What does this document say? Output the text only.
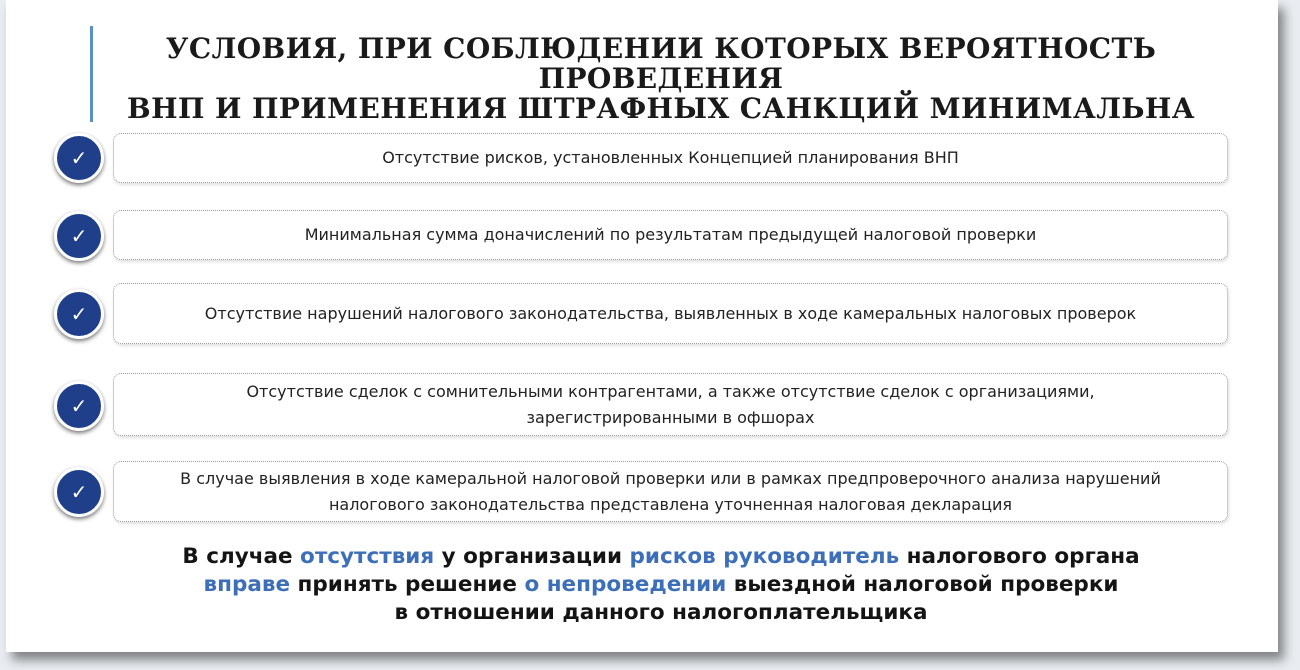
УСЛОВИЯ, ПРИ СОБЛЮДЕНИИ КОТОРЫХ ВЕРОЯТНОСТЬ ПРОВЕДЕНИЯ
ВНП И ПРИМЕНЕНИЯ ШТРАФНЫХ САНКЦИЙ МИНИМАЛЬНА
✓	Отсутствие рисков, установленных Концепцией планирования ВНП
✓	Минимальная сумма доначислений по результатам предыдущей налоговой проверки
✓	Отсутствие нарушений налогового законодательства, выявленных в ходе камеральных налоговых проверок
✓
Отсутствие сделок с сомнительными контрагентами, а также отсутствие сделок с организациями,
зарегистрированными в офшорах
✓
В случае выявления в ходе камеральной налоговой проверки или в рамках предпроверочного анализа нарушений
налогового законодательства представлена уточненная налоговая декларация
В случае отсутствия у организации рисков руководитель налогового органа
вправе принять решение о непроведении выездной налоговой проверки
в отношении данного налогоплательщика
